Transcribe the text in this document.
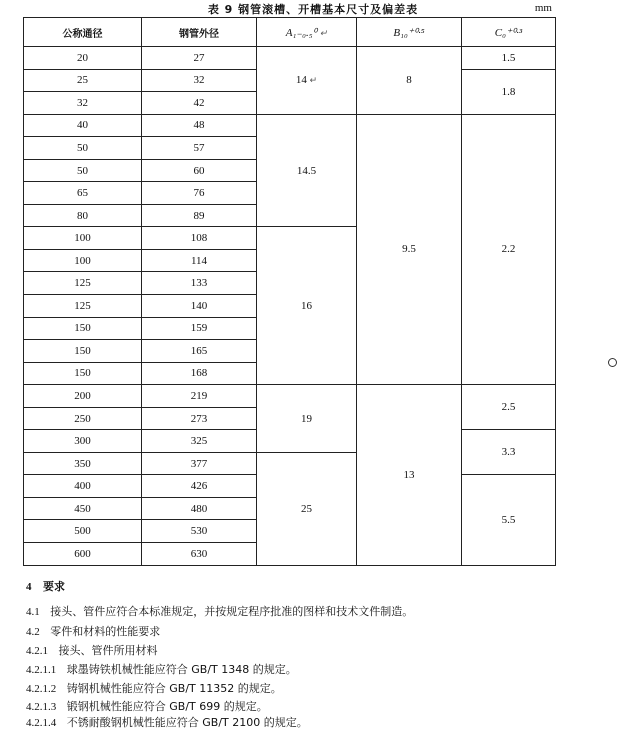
表 9 钢管滚槽、开槽基本尺寸及偏差表	mm
公称通径	钢管外径	A₁₋₀.₅⁰ ↵	B₁₀⁺⁰·⁵	C₀⁺⁰·³
20	27	14 ↵	8	1.5
25	32			1.8
32	42			
40	48	14.5	9.5	2.2
50	57			
50	60			
65	76			
80	89			
100	108	16		
100	114			
125	133			
125	140			
150	159			
150	165			
150	168			
200	219	19	13	2.5
250	273			
300	325			3.3
350	377	25		
400	426			5.5
450	480			
500	530			
600	630			
4 要求
4.1 接头、管件应符合本标准规定，并按规定程序批准的图样和技术文件制造。
4.2 零件和材料的性能要求
4.2.1 接头、管件所用材料
4.2.1.1 球墨铸铁机械性能应符合 GB/T 1348 的规定。
4.2.1.2 铸钢机械性能应符合 GB/T 11352 的规定。
4.2.1.3 锻钢机械性能应符合 GB/T 699 的规定。
4.2.1.4 不锈耐酸钢机械性能应符合 GB/T 2100 的规定。
